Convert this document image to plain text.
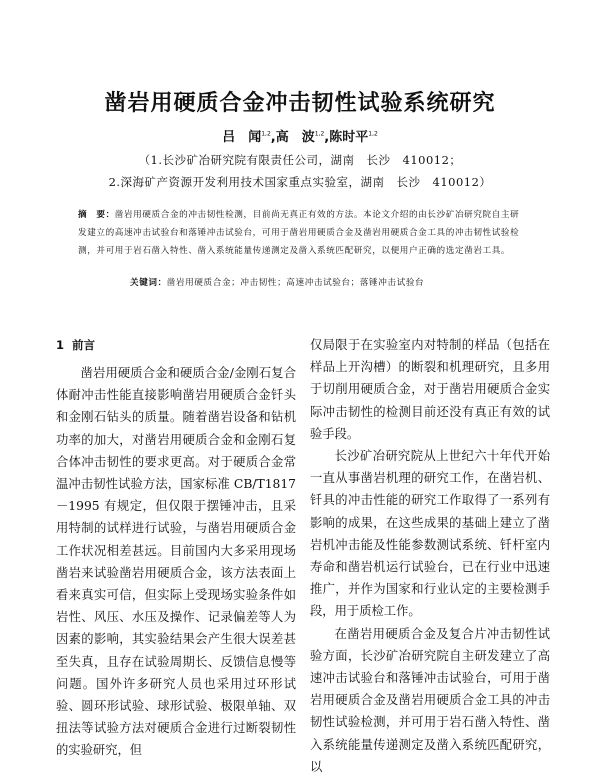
凿岩用硬质合金冲击韧性试验系统研究
吕　闻$^{1,2}$,高　波$^{1,2}$,陈时平$^{1,2}$
（1.长沙矿冶研究院有限责任公司，湖南　长沙　410012；
2.深海矿产资源开发利用技术国家重点实验室，湖南　长沙　410012）
摘　要：凿岩用硬质合金的冲击韧性检测，目前尚无真正有效的方法。本论文介绍的由长沙矿冶研究院自主研发建立的高速冲击试验台和落锤冲击试验台，可用于凿岩用硬质合金及凿岩用硬质合金工具的冲击韧性试验检测，并可用于岩石凿入特性、凿入系统能量传递测定及凿入系统匹配研究，以便用户正确的选定凿岩工具。
关键词：凿岩用硬质合金；冲击韧性；高速冲击试验台；落锤冲击试验台
1 前言

凿岩用硬质合金和硬质合金/金刚石复合体耐冲击性能直接影响凿岩用硬质合金钎头和金刚石钻头的质量。随着凿岩设备和钻机功率的加大，对凿岩用硬质合金和金刚石复合体冲击韧性的要求更高。对于硬质合金常温冲击韧性试验方法，国家标准 CB/T1817－1995 有规定，但仅限于摆锤冲击，且采用特制的试样进行试验，与凿岩用硬质合金工作状况相差甚远。目前国内大多采用现场凿岩来试验凿岩用硬质合金，该方法表面上看来真实可信，但实际上受现场实验条件如岩性、风压、水压及操作、记录偏差等人为因素的影响，其实验结果会产生很大误差甚至失真，且存在试验周期长、反馈信息慢等问题。国外许多研究人员也采用过环形试验、圆环形试验、球形试验、极限单轴、双扭法等试验方法对硬质合金进行过断裂韧性的实验研究，但

仅局限于在实验室内对特制的样品（包括在样品上开沟槽）的断裂和机理研究，且多用于切削用硬质合金，对于凿岩用硬质合金实际冲击韧性的检测目前还没有真正有效的试验手段。

长沙矿冶研究院从上世纪六十年代开始一直从事凿岩机理的研究工作，在凿岩机、钎具的冲击性能的研究工作取得了一系列有影响的成果，在这些成果的基础上建立了凿岩机冲击能及性能参数测试系统、钎杆室内寿命和凿岩机运行试验台，已在行业中迅速推广，并作为国家和行业认定的主要检测手段，用于质检工作。

在凿岩用硬质合金及复合片冲击韧性试验方面，长沙矿冶研究院自主研发建立了高速冲击试验台和落锤冲击试验台，可用于凿岩用硬质合金及凿岩用硬质合金工具的冲击韧性试验检测，并可用于岩石凿入特性、凿入系统能量传递测定及凿入系统匹配研究，以
